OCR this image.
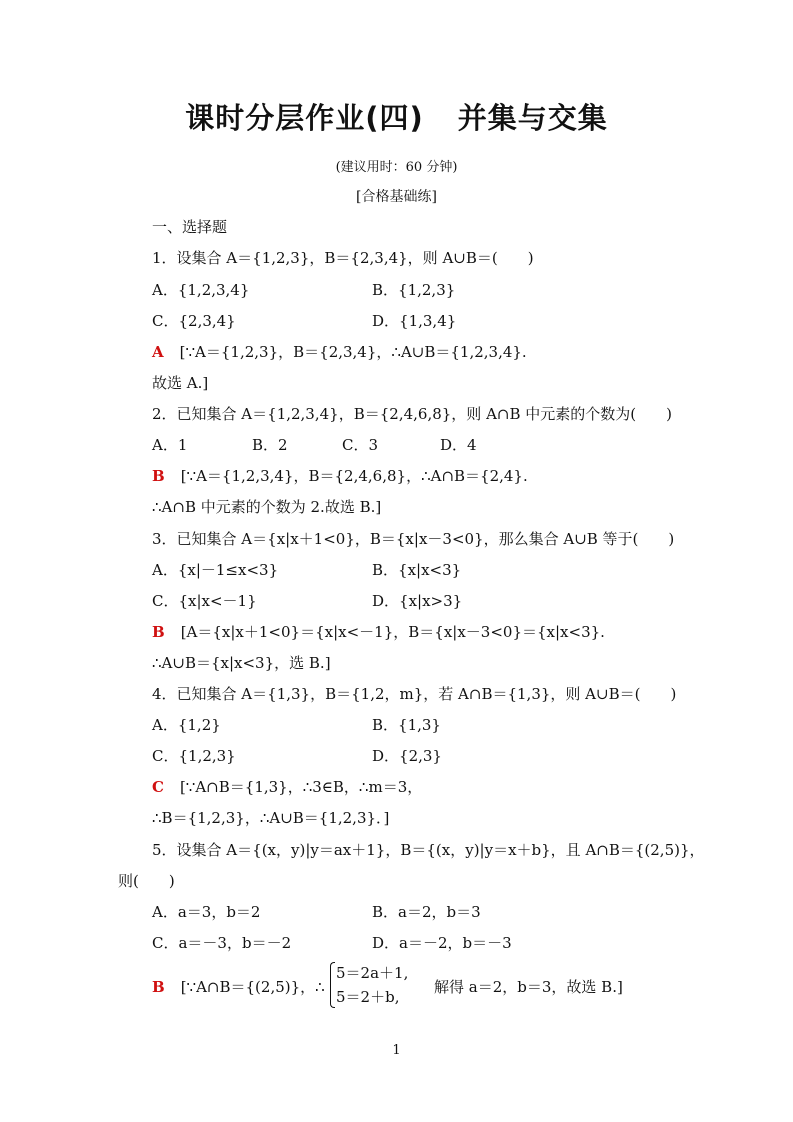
课时分层作业(四) 并集与交集
(建议用时：60 分钟)
[合格基础练]
一、选择题
1．设集合 A＝{1,2,3}，B＝{2,3,4}，则 A∪B＝(　　)
A．{1,2,3,4}	B．{1,2,3}
C．{2,3,4}	D．{1,3,4}
A [∵A＝{1,2,3}，B＝{2,3,4}，∴A∪B＝{1,2,3,4}.
故选 A.]
2．已知集合 A＝{1,2,3,4}，B＝{2,4,6,8}，则 A∩B 中元素的个数为(　　)
A．1	B．2	C．3	D．4
B [∵A＝{1,2,3,4}，B＝{2,4,6,8}，∴A∩B＝{2,4}.
∴A∩B 中元素的个数为 2.故选 B.]
3．已知集合 A＝{x|x＋1<0}，B＝{x|x－3<0}，那么集合 A∪B 等于(　　)
A．{x|－1≤x<3}	B．{x|x<3}
C．{x|x<－1}	D．{x|x>3}
B [A＝{x|x＋1<0}＝{x|x<－1}，B＝{x|x－3<0}＝{x|x<3}.
∴A∪B＝{x|x<3}，选 B.]
4．已知集合 A＝{1,3}，B＝{1,2，m}，若 A∩B＝{1,3}，则 A∪B＝(　　)
A．{1,2}	B．{1,3}
C．{1,2,3}	D．{2,3}
C [∵A∩B＝{1,3}，∴3∈B，∴m＝3，
∴B＝{1,2,3}，∴A∪B＝{1,2,3}．]
5．设集合 A＝{(x，y)|y＝ax＋1}，B＝{(x，y)|y＝x＋b}，且 A∩B＝{(2,5)}，
则(　　)
A．a＝3，b＝2	B．a＝2，b＝3
C．a＝－3，b＝－2	D．a＝－2，b＝－3
B [∵A∩B＝{(2,5)}，∴
5＝2a＋1,
5＝2＋b,
解得 a＝2，b＝3，故选 B.]
1
